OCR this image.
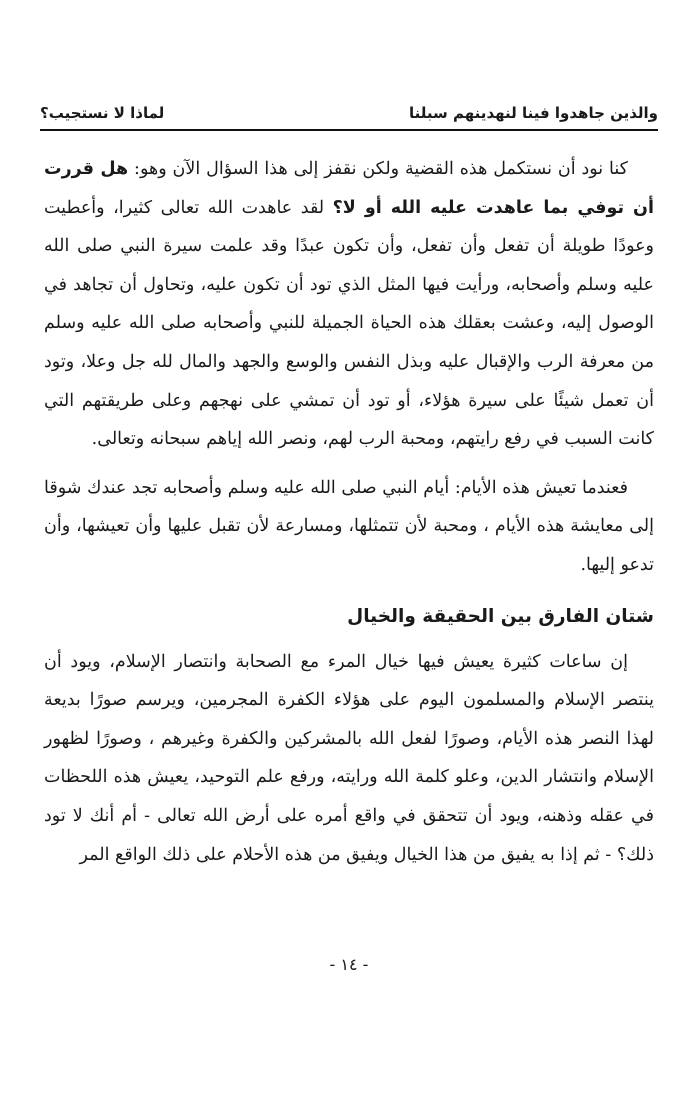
والذين جاهدوا فينا لنهدينهم سبلنا
لماذا لا نستجيب؟

كنا نود أن نستكمل هذه القضية ولكن نقفز إلى هذا السؤال الآن وهو: هل قررت أن توفي بما عاهدت عليه الله أو لا؟ لقد عاهدت الله تعالى كثيرا، وأعطيت وعودًا طويلة أن تفعل وأن تفعل، وأن تكون عبدًا وقد علمت سيرة النبي صلى الله عليه وسلم وأصحابه، ورأيت فيها المثل الذي تود أن تكون عليه، وتحاول أن تجاهد في الوصول إليه، وعشت بعقلك هذه الحياة الجميلة للنبي وأصحابه صلى الله عليه وسلم من معرفة الرب والإقبال عليه وبذل النفس والوسع والجهد والمال لله جل وعلا، وتود أن تعمل شيئًا على سيرة هؤلاء، أو تود أن تمشي على نهجهم وعلى طريقتهم التي كانت السبب في رفع رايتهم، ومحبة الرب لهم، ونصر الله إياهم سبحانه وتعالى.

فعندما تعيش هذه الأيام: أيام النبي صلى الله عليه وسلم وأصحابه تجد عندك شوقا إلى معايشة هذه الأيام ، ومحبة لأن تتمثلها، ومسارعة لأن تقبل عليها وأن تعيشها، وأن تدعو إليها.

شتان الفارق بين الحقيقة والخيال

إن ساعات كثيرة يعيش فيها خيال المرء مع الصحابة وانتصار الإسلام، ويود أن ينتصر الإسلام والمسلمون اليوم على هؤلاء الكفرة المجرمين، ويرسم صورًا بديعة لهذا النصر هذه الأيام، وصورًا لفعل الله بالمشركين والكفرة وغيرهم ، وصورًا لظهور الإسلام وانتشار الدين، وعلو كلمة الله ورايته، ورفع علم التوحيد، يعيش هذه اللحظات في عقله وذهنه، ويود أن تتحقق في واقع أمره على أرض الله تعالى - أم أنك لا تود ذلك؟ - ثم إذا به يفيق من هذا الخيال ويفيق من هذه الأحلام على ذلك الواقع المر

- ١٤ -
